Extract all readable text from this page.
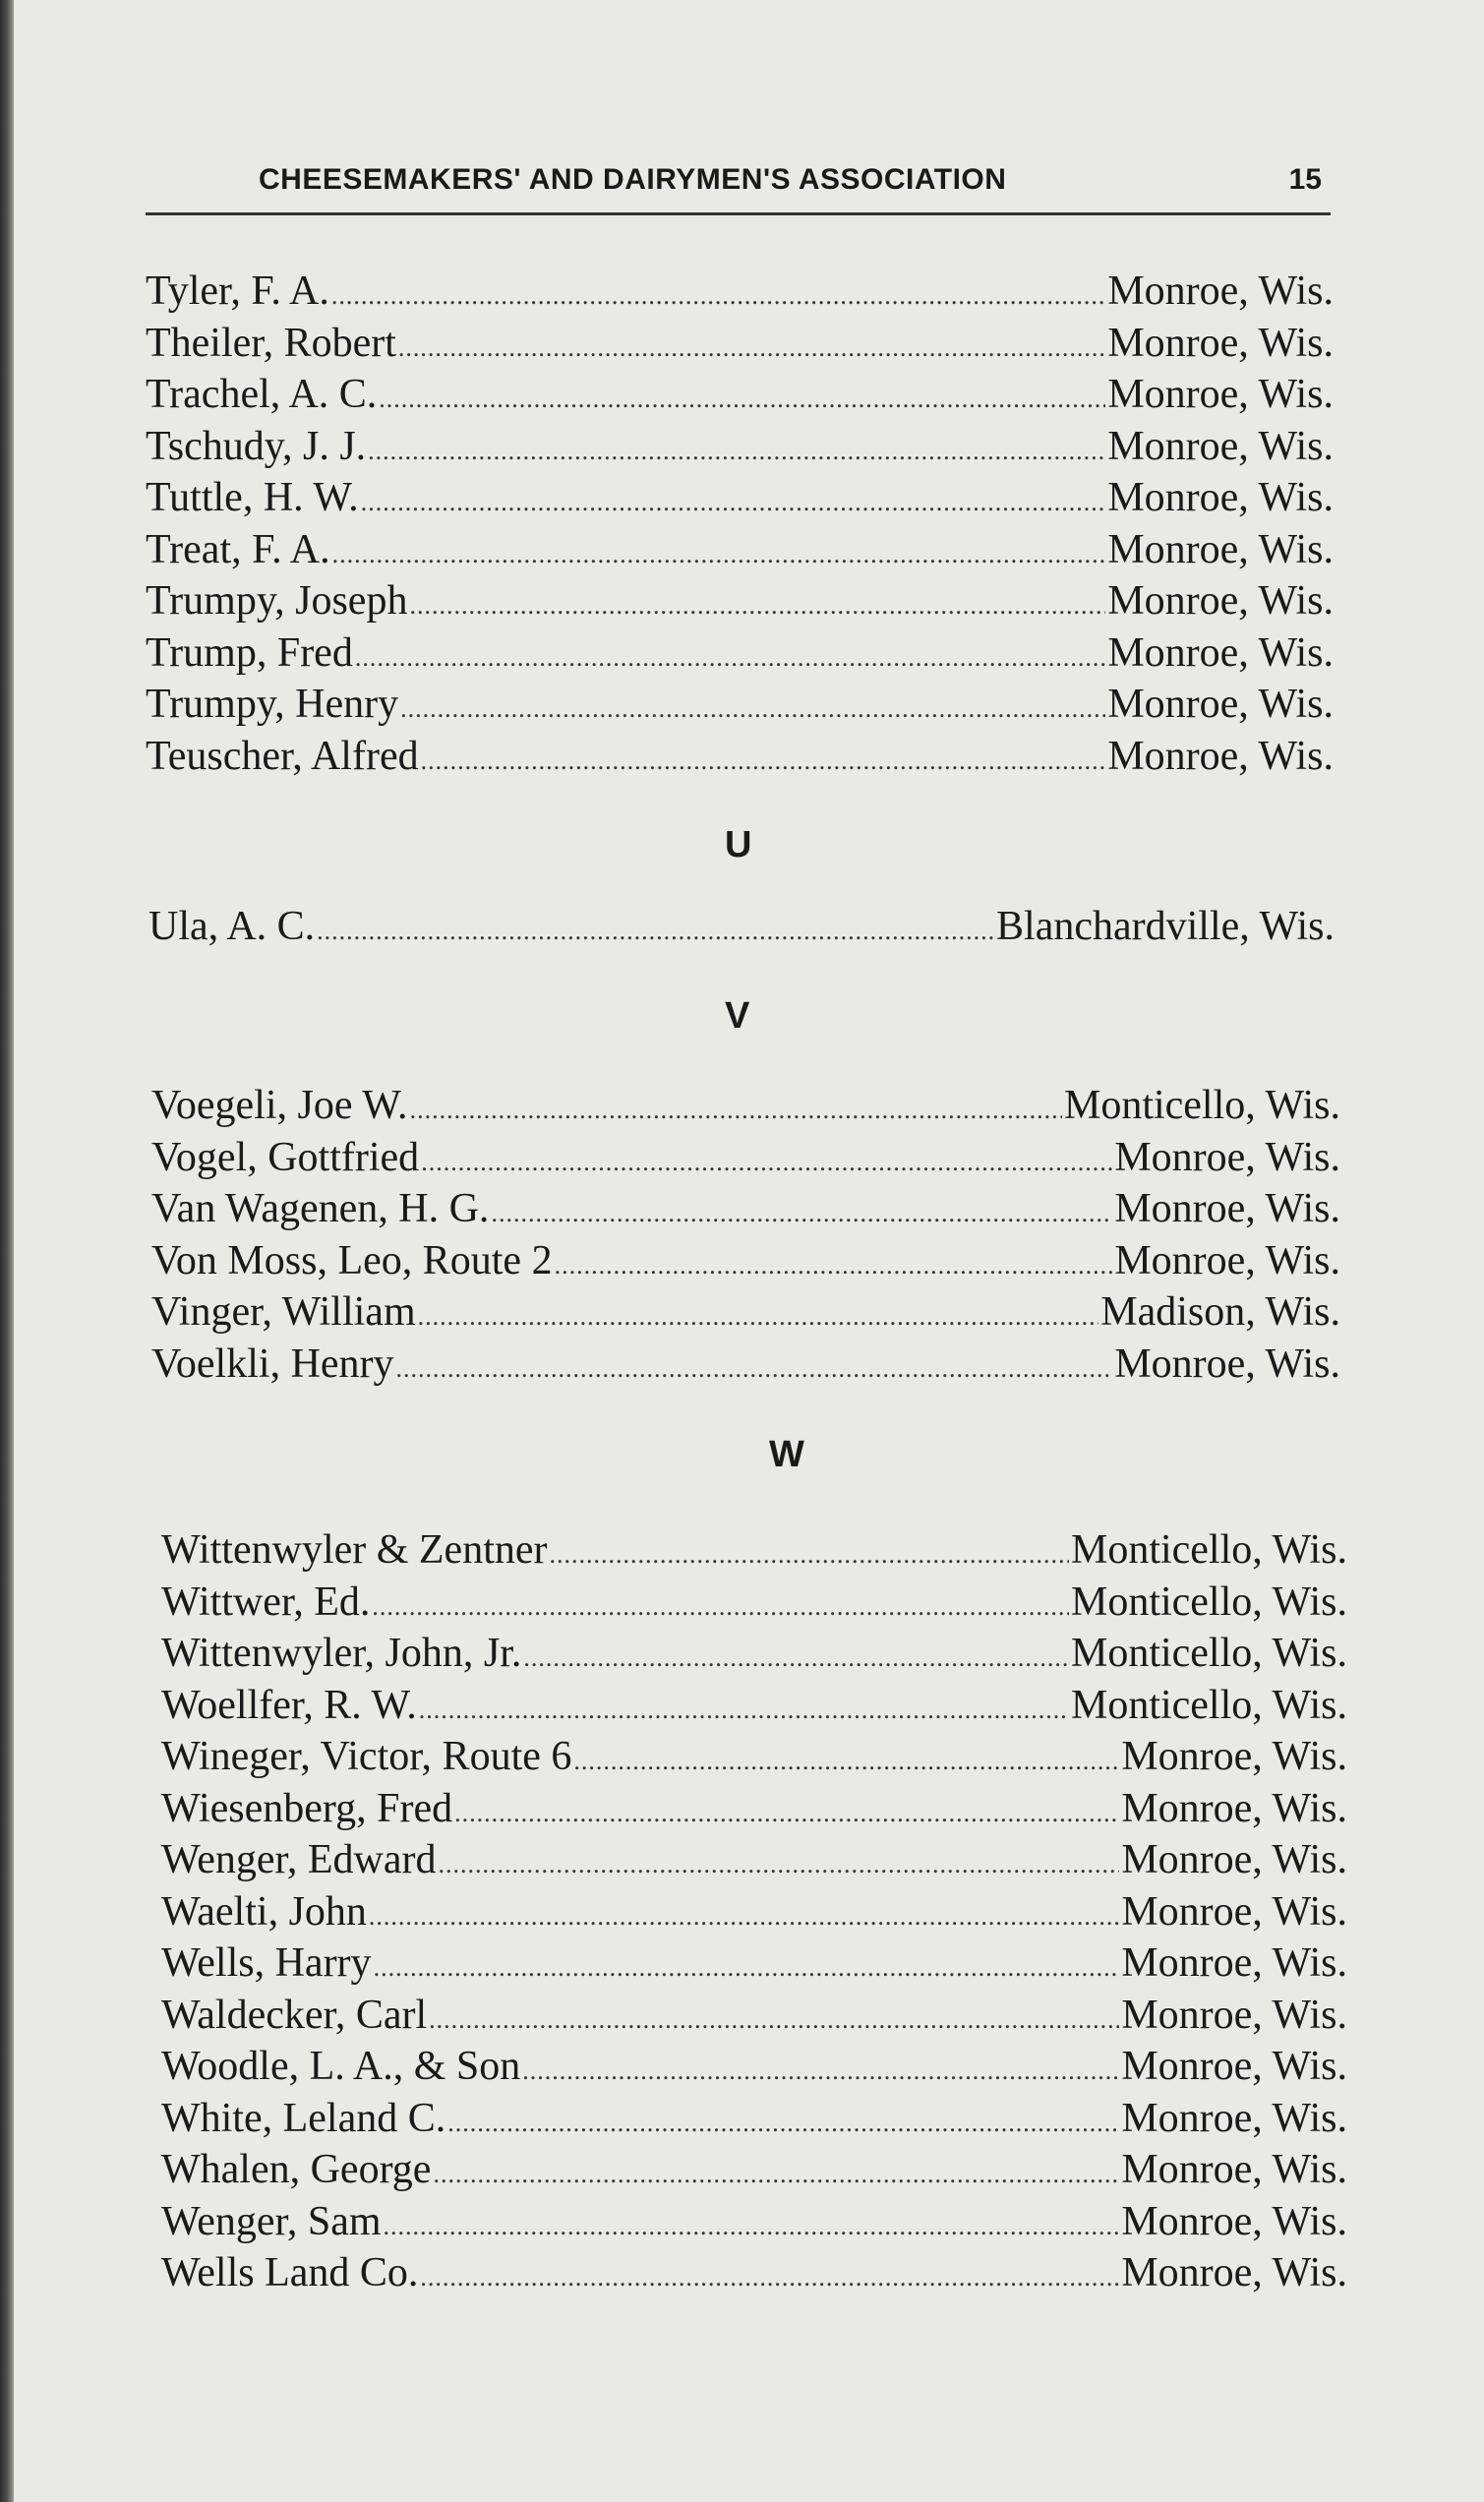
CHEESEMAKERS' AND DAIRYMEN'S ASSOCIATION	15
Tyler, F. A. .....	Monroe, Wis.
Theiler, Robert .....	Monroe, Wis.
Trachel, A. C. .....	Monroe, Wis.
Tschudy, J. J. .....	Monroe, Wis.
Tuttle, H. W. .....	Monroe, Wis.
Treat, F. A. .....	Monroe, Wis.
Trumpy, Joseph .....	Monroe, Wis.
Trump, Fred .....	Monroe, Wis.
Trumpy, Henry .....	Monroe, Wis.
Teuscher, Alfred .....	Monroe, Wis.
U
Ula, A. C. .....	Blanchardville, Wis.
V
Voegeli, Joe W. .....	Monticello, Wis.
Vogel, Gottfried .....	Monroe, Wis.
Van Wagenen, H. G. .....	Monroe, Wis.
Von Moss, Leo, Route 2 .....	Monroe, Wis.
Vinger, William .....	Madison, Wis.
Voelkli, Henry .....	Monroe, Wis.
W
Wittenwyler & Zentner .....	Monticello, Wis.
Wittwer, Ed. .....	Monticello, Wis.
Wittenwyler, John, Jr. .....	Monticello, Wis.
Woellfer, R. W. .....	Monticello, Wis.
Wineger, Victor, Route 6 .....	Monroe, Wis.
Wiesenberg, Fred .....	Monroe, Wis.
Wenger, Edward .....	Monroe, Wis.
Waelti, John .....	Monroe, Wis.
Wells, Harry .....	Monroe, Wis.
Waldecker, Carl .....	Monroe, Wis.
Woodle, L. A., & Son .....	Monroe, Wis.
White, Leland C. .....	Monroe, Wis.
Whalen, George .....	Monroe, Wis.
Wenger, Sam .....	Monroe, Wis.
Wells Land Co. .....	Monroe, Wis.
